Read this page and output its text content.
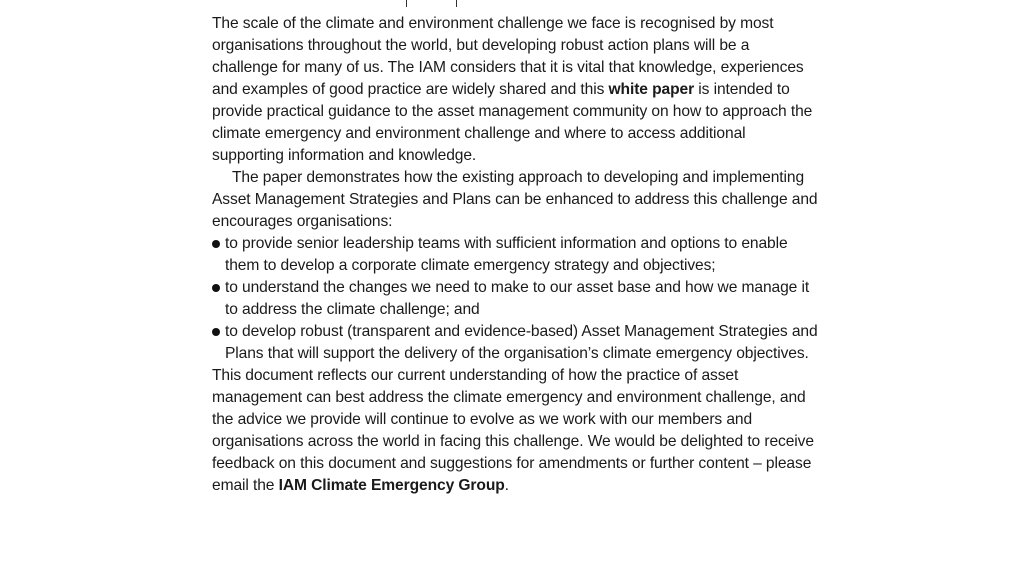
The scale of the climate and environment challenge we face is recognised by most organisations throughout the world, but developing robust action plans will be a challenge for many of us. The IAM considers that it is vital that knowledge, experiences and examples of good practice are widely shared and this white paper is intended to provide practical guidance to the asset management community on how to approach the climate emergency and environment challenge and where to access additional supporting information and knowledge.

The paper demonstrates how the existing approach to developing and implementing Asset Management Strategies and Plans can be enhanced to address this challenge and encourages organisations:

to provide senior leadership teams with sufficient information and options to enable them to develop a corporate climate emergency strategy and objectives;
to understand the changes we need to make to our asset base and how we manage it to address the climate challenge; and
to develop robust (transparent and evidence-based) Asset Management Strategies and Plans that will support the delivery of the organisation’s climate emergency objectives.

This document reflects our current understanding of how the practice of asset management can best address the climate emergency and environment challenge, and the advice we provide will continue to evolve as we work with our members and organisations across the world in facing this challenge. We would be delighted to receive feedback on this document and suggestions for amendments or further content – please email the IAM Climate Emergency Group.
